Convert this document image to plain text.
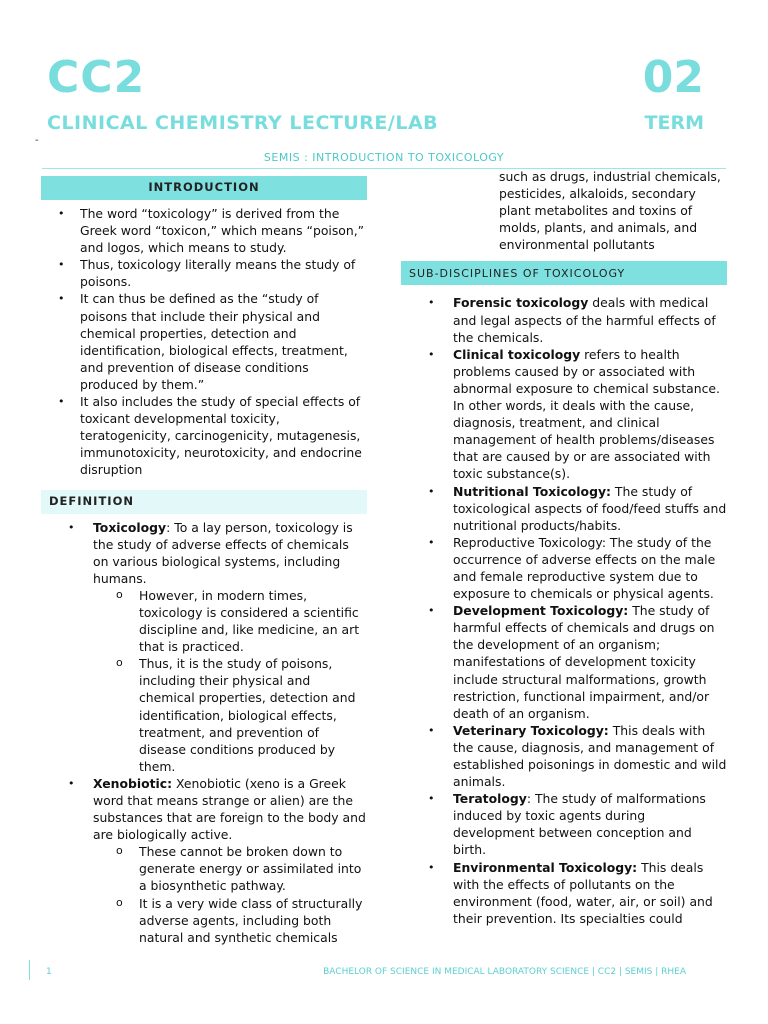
CC2	02
CLINICAL CHEMISTRY LECTURE/LAB	TERM
-
SEMIS : INTRODUCTION TO TOXICOLOGY
INTRODUCTION
• The word “toxicology” is derived from the Greek word “toxicon,” which means “poison,” and logos, which means to study.
• Thus, toxicology literally means the study of poisons.
• It can thus be defined as the “study of poisons that include their physical and chemical properties, detection and identification, biological effects, treatment, and prevention of disease conditions produced by them.”
• It also includes the study of special effects of toxicant developmental toxicity, teratogenicity, carcinogenicity, mutagenesis, immunotoxicity, neurotoxicity, and endocrine disruption
DEFINITION
• Toxicology: To a lay person, toxicology is the study of adverse effects of chemicals on various biological systems, including humans.
o However, in modern times, toxicology is considered a scientific discipline and, like medicine, an art that is practiced.
o Thus, it is the study of poisons, including their physical and chemical properties, detection and identification, biological effects, treatment, and prevention of disease conditions produced by them.
• Xenobiotic: Xenobiotic (xeno is a Greek word that means strange or alien) are the substances that are foreign to the body and are biologically active.
o These cannot be broken down to generate energy or assimilated into a biosynthetic pathway.
o It is a very wide class of structurally adverse agents, including both natural and synthetic chemicals
such as drugs, industrial chemicals, pesticides, alkaloids, secondary plant metabolites and toxins of molds, plants, and animals, and environmental pollutants
SUB-DISCIPLINES OF TOXICOLOGY
• Forensic toxicology deals with medical and legal aspects of the harmful effects of the chemicals.
• Clinical toxicology refers to health problems caused by or associated with abnormal exposure to chemical substance. In other words, it deals with the cause, diagnosis, treatment, and clinical management of health problems/diseases that are caused by or are associated with toxic substance(s).
• Nutritional Toxicology: The study of toxicological aspects of food/feed stuffs and nutritional products/habits.
• Reproductive Toxicology: The study of the occurrence of adverse effects on the male and female reproductive system due to exposure to chemicals or physical agents.
• Development Toxicology: The study of harmful effects of chemicals and drugs on the development of an organism; manifestations of development toxicity include structural malformations, growth restriction, functional impairment, and/or death of an organism.
• Veterinary Toxicology: This deals with the cause, diagnosis, and management of established poisonings in domestic and wild animals.
• Teratology: The study of malformations induced by toxic agents during development between conception and birth.
• Environmental Toxicology: This deals with the effects of pollutants on the environment (food, water, air, or soil) and their prevention. Its specialties could
1	BACHELOR OF SCIENCE IN MEDICAL LABORATORY SCIENCE | CC2 | SEMIS | RHEA
